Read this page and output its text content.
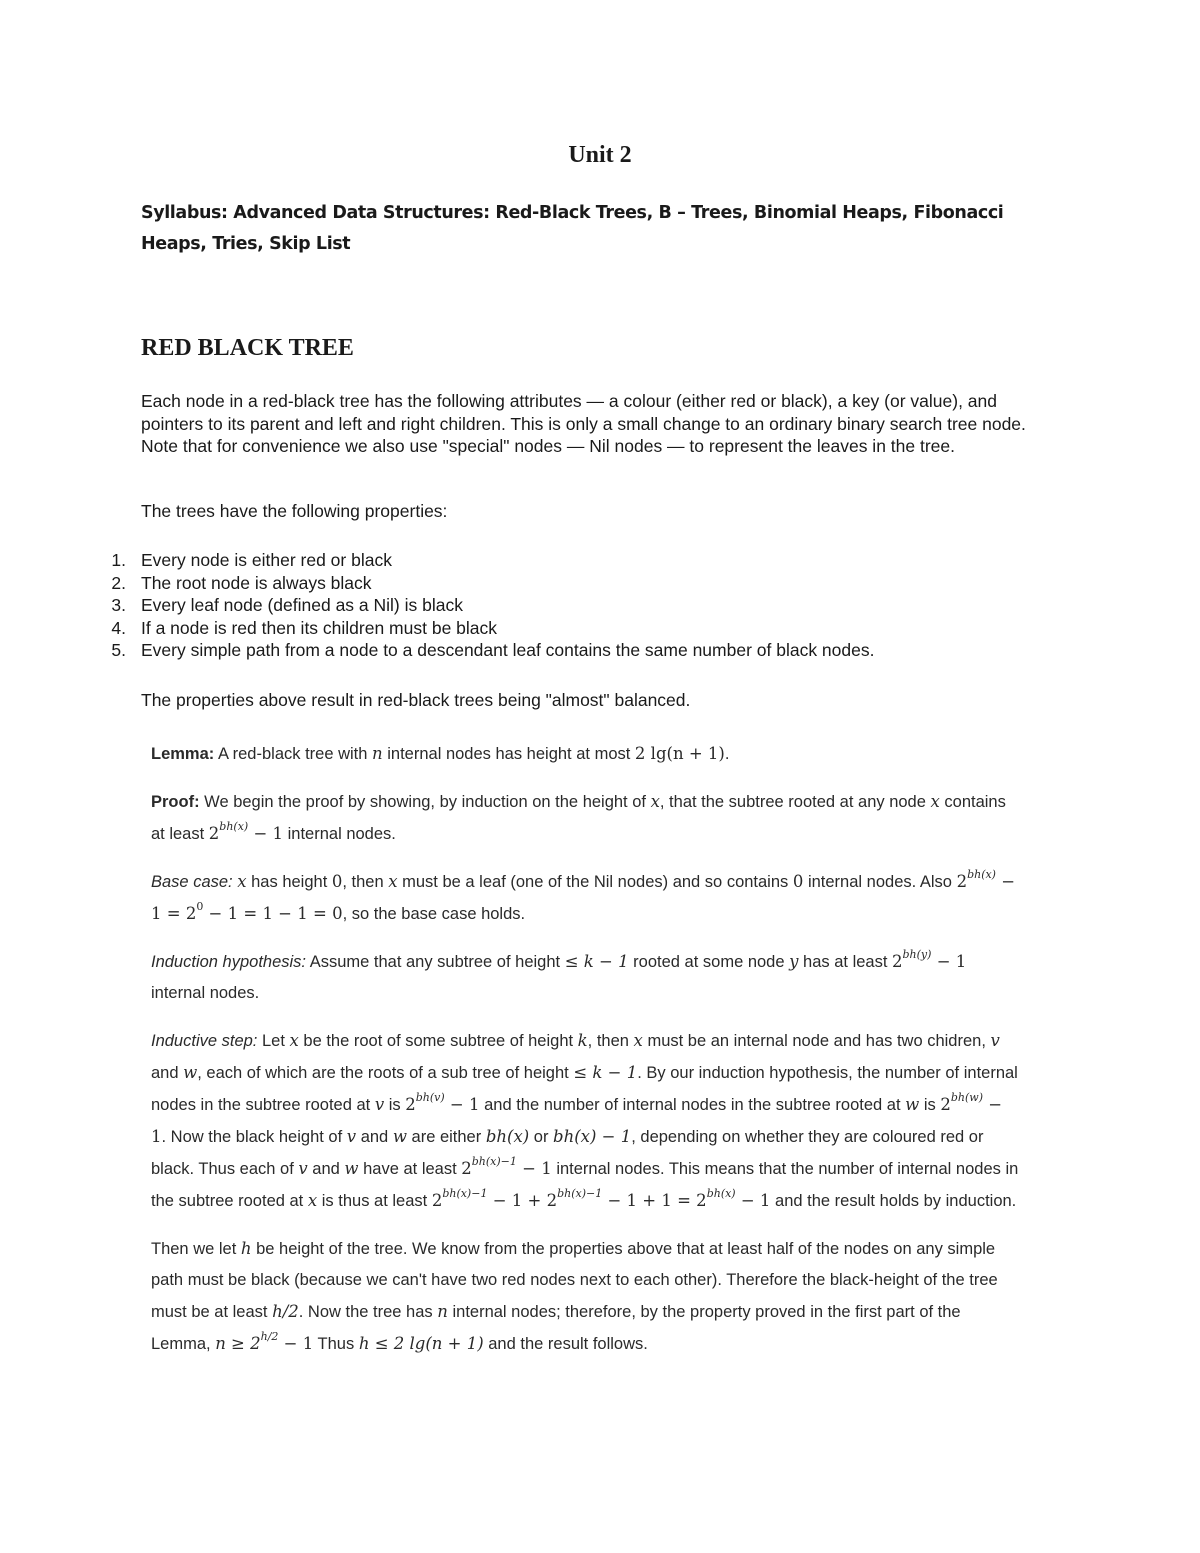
Unit 2
Syllabus: Advanced Data Structures: Red-Black Trees, B – Trees, Binomial Heaps, Fibonacci Heaps, Tries, Skip List
RED BLACK TREE

Each node in a red-black tree has the following attributes — a colour (either red or black), a key (or value), and pointers to its parent and left and right children. This is only a small change to an ordinary binary search tree node. Note that for convenience we also use "special" nodes — Nil nodes — to represent the leaves in the tree.

The trees have the following properties:

1. Every node is either red or black
2. The root node is always black
3. Every leaf node (defined as a Nil) is black
4. If a node is red then its children must be black
5. Every simple path from a node to a descendant leaf contains the same number of black nodes.

The properties above result in red-black trees being "almost" balanced.

Lemma: A red-black tree with n internal nodes has height at most 2 lg(n + 1).

Proof: We begin the proof by showing, by induction on the height of x, that the subtree rooted at any node x contains at least $2^{bh(x)} - 1$ internal nodes.

Base case: x has height 0, then x must be a leaf (one of the Nil nodes) and so contains 0 internal nodes. Also $2^{bh(x)} - 1 = 2^0 - 1 = 1 - 1 = 0$, so the base case holds.

Induction hypothesis: Assume that any subtree of height ≤ k − 1 rooted at some node y has at least $2^{bh(y)} - 1$ internal nodes.

Inductive step: Let x be the root of some subtree of height k, then x must be an internal node and has two chidren, v and w, each of which are the roots of a sub tree of height ≤ k − 1. By our induction hypothesis, the number of internal nodes in the subtree rooted at v is $2^{bh(v)} - 1$ and the number of internal nodes in the subtree rooted at w is $2^{bh(w)} - 1$. Now the black height of v and w are either bh(x) or bh(x) − 1, depending on whether they are coloured red or black. Thus each of v and w have at least $2^{bh(x)-1} - 1$ internal nodes. This means that the number of internal nodes in the subtree rooted at x is thus at least $2^{bh(x)-1} - 1 + 2^{bh(x)-1} - 1 + 1 = 2^{bh(x)} - 1$ and the result holds by induction.

Then we let h be height of the tree. We know from the properties above that at least half of the nodes on any simple path must be black (because we can't have two red nodes next to each other). Therefore the black-height of the tree must be at least h/2. Now the tree has n internal nodes; therefore, by the property proved in the first part of the Lemma, $n \ge 2^{h/2} - 1$ Thus h ≤ 2 lg(n + 1) and the result follows.
